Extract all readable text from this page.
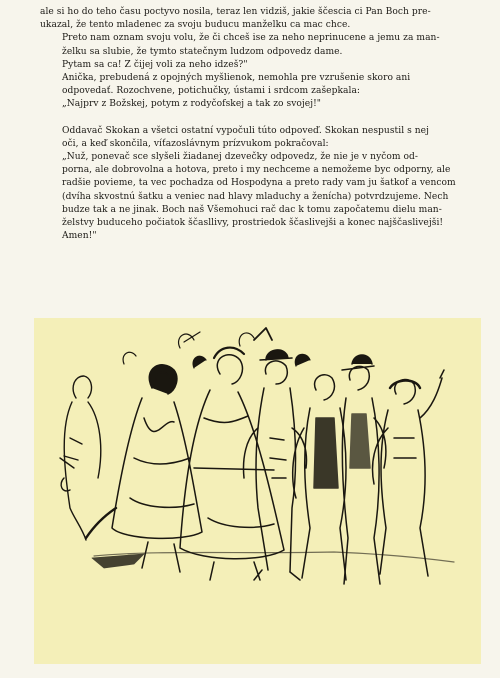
ale si ho do teho času poctyvo nosila, teraz len vidziš, jakie ščescia ci Pan Boch pre-
ukazal, že tento mladenec za svoju buducu manželku ca mac chce.

Preto nam oznam svoju volu, že či chceš ise za neho neprinucene a jemu za man-
želku sa slubie, že tymto statečnym ludzom odpovedz dame.

Pytam sa ca! Z čijej voli za neho idzeš?"

Anička, prebudená z opojných myšlienok, nemohla pre vzrušenie skoro ani
odpovedať. Rozochvene, potichučky, ústami i srdcom zašepkala:

„Najprv z Božskej, potym z rodyčofskej a tak zo svojej!"

Oddavač Skokan a všetci ostatní vypočuli túto odpoveď. Skokan nespustil s nej
oči, a keď skončila, víťazoslávnym prízvukom pokračoval:

„Nuž, ponevač sce slyšeli žiadanej dzevečky odpovedz, že nie je v nyčom od-
porna, ale dobrovolna a hotova, preto i my nechceme a nemožeme byc odporny, ale
radšie povieme, ta vec pochadza od Hospodyna a preto rady vam ju šatkof a vencom
(dvíha skvostnú šatku a veniec nad hlavy mladuchy a ženícha) potvrdzujeme. Nech
budze tak a ne jinak. Boch naš Všemohuci rač dac k tomu započatemu dielu man-
želstvy buduceho počiatok ščasllivy, prostriedok ščaslivejši a konec najščaslivejši!
Amen!"
